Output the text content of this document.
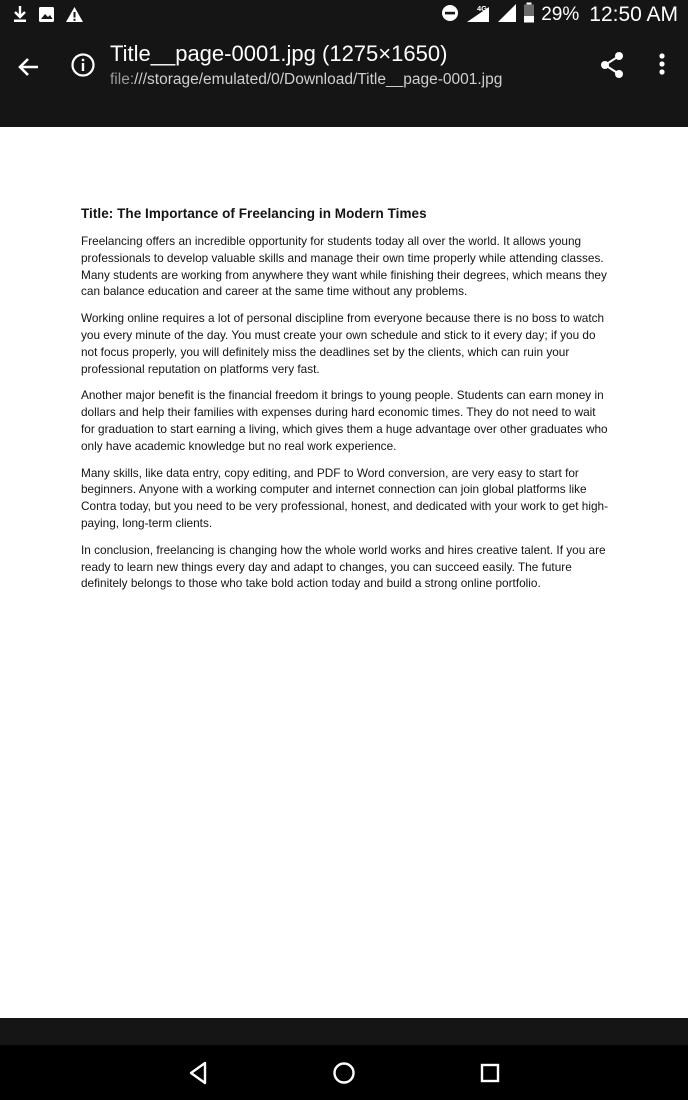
4G	29% 12:50 AM
Title__page-0001.jpg (1275×1650)
file:///storage/emulated/0/Download/Title__page-0001.jpg
Title: The Importance of Freelancing in Modern Times

Freelancing offers an incredible opportunity for students today all over the world. It allows young professionals to develop valuable skills and manage their own time properly while attending classes. Many students are working from anywhere they want while finishing their degrees, which means they can balance education and career at the same time without any problems.

Working online requires a lot of personal discipline from everyone because there is no boss to watch you every minute of the day. You must create your own schedule and stick to it every day; if you do not focus properly, you will definitely miss the deadlines set by the clients, which can ruin your professional reputation on platforms very fast.

Another major benefit is the financial freedom it brings to young people. Students can earn money in dollars and help their families with expenses during hard economic times. They do not need to wait for graduation to start earning a living, which gives them a huge advantage over other graduates who only have academic knowledge but no real work experience.

Many skills, like data entry, copy editing, and PDF to Word conversion, are very easy to start for beginners. Anyone with a working computer and internet connection can join global platforms like Contra today, but you need to be very professional, honest, and dedicated with your work to get high-paying, long-term clients.

In conclusion, freelancing is changing how the whole world works and hires creative talent. If you are ready to learn new things every day and adapt to changes, you can succeed easily. The future definitely belongs to those who take bold action today and build a strong online portfolio.
